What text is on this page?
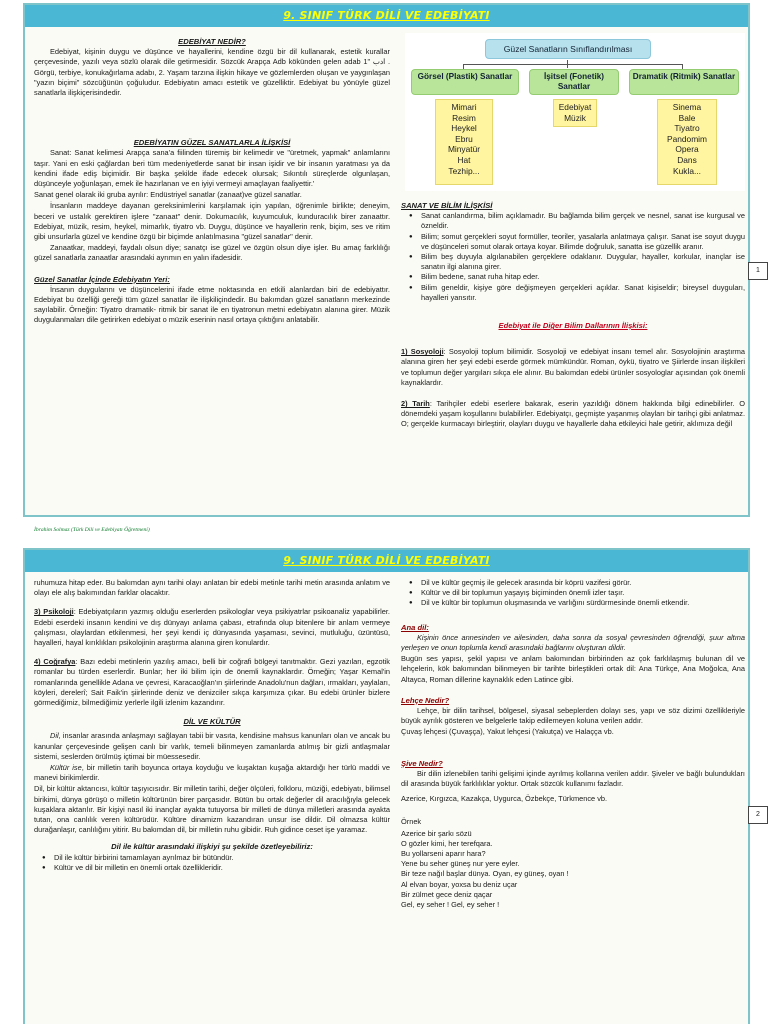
9. SINIF TÜRK DİLİ VE EDEBİYATI
EDEBİYAT NEDİR?

Edebiyat, kişinin duygu ve düşünce ve hayallerini, kendine özgü bir dil kullanarak, estetik kurallar çerçevesinde, yazılı veya sözlü olarak dile getirmesidir. Sözcük Arapça Adb kökünden gelen adab 1" ادب . Görgü, terbiye, konukağırlama adabı, 2. Yaşam tarzına ilişkin hikaye ve gözlemlerden oluşan ve yaygınlaşan "yazın biçimi" sözcüğünün çoğuludur. Edebiyatın amacı estetik ve güzelliktir. Edebiyat bu yönüyle güzel sanatlarla ilişkiçerisindedir.

EDEBİYATIN GÜZEL SANATLARLA İLİŞKİSİ

Sanat: Sanat kelimesi Arapça sana'a fiilinden türemiş bir kelimedir ve "üretmek, yapmak" anlamlarını taşır. Yani en eski çağlardan beri tüm medeniyetlerde sanat bir insan işidir ve bir insanın yaratması ya da kendini ifade ediş biçimidir. Bir başka şekilde ifade edecek olursak; Sıkıntılı süreçlerde olgunlaşan, düşünceyle yoğunlaşan, emek ile hazırlanan ve en iyiyi vermeyi amaçlayan faaliyettir.'

Sanat genel olarak iki gruba ayrılır: Endüstriyel sanatlar (zanaat)ve güzel sanatlar.

İnsanların maddeye dayanan gereksinimlerini karşılamak için yapılan, öğrenimle birlikte; deneyim, beceri ve ustalık gerektiren işlere "zanaat" denir. Dokumacılık, kuyumculuk, kunduracılık birer zanaattır. Edebiyat, müzik, resim, heykel, mimarlık, tiyatro vb. Duygu, düşünce ve hayallerin renk, biçim, ses ve ritim gibi unsurlarla güzel ve kendine özgü bir biçimde anlatılmasına "güzel sanatlar" denir.

Zanaatkar, maddeyi, faydalı olsun diye; sanatçı ise güzel ve özgün olsun diye işler. Bu amaç farklılığı güzel sanatlarla zanaatlar arasındaki ayrımın en yalın ifadesidir.

Güzel Sanatlar İçinde Edebiyatın Yeri:

İnsanın duygularını ve düşüncelerini ifade etme noktasında en etkili alanlardan biri de edebiyattır. Edebiyat bu özelliği gereği tüm güzel sanatlar ile ilişkiliçindedir. Bu bakımdan güzel sanatların merkezinde sayılabilir. Örneğin: Tiyatro dramatik- ritmik bir sanat ile en tiyatronun metni edebiyatın alanına girer. Müzik duygulanmaları dile getirirken edebiyat o müzik eserinin nasıl ortaya çıktığını anlatabilir.

Güzel Sanatların Sınıflandırılması
Görsel (Plastik) Sanatlar	İşitsel (Fonetik) Sanatlar
Dramatik (Ritmik) Sanatlar
Mimari
Resim
Heykel
Ebru
Minyatür
Hat
Tezhip...
Edebiyat
Müzik
Sinema
Bale
Tiyatro
Pandomim
Opera
Dans
Kukla...
SANAT VE BİLİM İLİŞKİSİ
● Sanat canlandırma, bilim açıklamadır. Bu bağlamda bilim gerçek ve nesnel, sanat ise kurgusal ve özneldir.
● Bilim; somut gerçekleri soyut formüller, teoriler, yasalarla anlatmaya çalışır. Sanat ise soyut duygu ve düşünceleri somut olarak ortaya koyar. Bilimde doğruluk, sanatta ise güzellik aranır.
● Bilim beş duyuyla algılanabilen gerçeklere odaklanır. Duygular, hayaller, korkular, inançlar ise sanatın ilgi alanına girer.
● Bilim bedene, sanat ruha hitap eder.
● Bilim geneldir, kişiye göre değişmeyen gerçekleri açıklar. Sanat kişiseldir; bireysel duyguları, hayalleri yansıtır.
Edebiyat ile Diğer Bilim Dallarının İlişkisi:

1) Sosyoloji: Sosyoloji toplum bilimidir. Sosyoloji ve edebiyat insanı temel alır. Sosyolojinin araştırma alanına giren her şeyi edebi eserde görmek mümkündür. Roman, öykü, tiyatro ve Şiirlerde insan ilişkileri ve toplumun değer yargıları sıkça ele alınır. Bu bakımdan edebi ürünler sosyologlar açısından çok önemli kaynaklardır.

2) Tarih: Tarihçiler edebi eserlere bakarak, eserin yazıldığı dönem hakkında bilgi edinebilirler. O dönemdeki yaşam koşullarını bulabilirler. Edebiyatçı, geçmişte yaşanmış olayları bir tarihçi gibi anlatmaz. O; gerçekle kurmacayı birleştirir, olayları duygu ve hayallerle daha etkileyici hale getirir, aklımıza değil

1
İbrahim Solmaz (Türk Dili ve Edebiyatı Öğretmeni)
9. SINIF TÜRK DİLİ VE EDEBİYATI

ruhumuza hitap eder. Bu bakımdan aynı tarihi olayı anlatan bir edebi metinle tarihi metin arasında anlatım ve olayı ele alış bakımından farklar olacaktır.

3) Psikoloji: Edebiyatçıların yazmış olduğu eserlerden psikologlar veya psikiyatrlar psikoanaliz yapabilirler. Edebi eserdeki insanın kendini ve dış dünyayı anlama çabası, etrafında olup bitenlere bir anlam vermeye çalışması, olaylardan etkilenmesi, her şeyi kendi iç dünyasında yaşaması, sevinci, mutluluğu, üzüntüsü, hayalleri, hayal kırıklıkları psikolojinin araştırma alanına giren konulardır.

4) Coğrafya: Bazı edebi metinlerin yazılış amacı, belli bir coğrafi bölgeyi tanıtmaktır. Gezi yazıları, egzotik romanlar bu türden eserlerdir. Bunlar; her iki bilim için de önemli kaynaklardır. Örneğin; Yaşar Kemal'in romanlarında genellikle Adana ve çevresi, Karacaoğlan'ın şiirlerinde Anadolu'nun dağları, ırmakları, yaylaları, köyleri, derelerî; Sait Faik'in şiirlerinde deniz ve denizciler sıkça karşımıza çıkar. Bu edebi ürünler bizlere görmediğimiz, bilmediğimiz yerlerle ilgili izlenim kazandırır.

DİL VE KÜLTÜR

Dil, insanlar arasında anlaşmayı sağlayan tabii bir vasıta, kendisine mahsus kanunları olan ve ancak bu kanunlar çerçevesinde gelişen canlı bir varlık, temeli bilinmeyen zamanlarda atılmış bir gizli antlaşmalar sistemi, seslerden örülmüş içtimai bir müessesedir.

Kültür ise, bir milletin tarih boyunca ortaya koyduğu ve kuşaktan kuşağa aktardığı her türlü maddi ve manevi birikimlerdir.

Dil, bir kültür aktarıcısı, kültür taşıyıcısıdır. Bir milletin tarihi, değer ölçüleri, folkloru, müziği, edebiyatı, bilimsel birikimi, dünya görüşü o milletin kültürünün birer parçasıdır. Bütün bu ortak değerler dil aracılığıyla gelecek kuşaklara aktarılır. Bir kişiyi nasıl iki inançlar ayakta tutuyorsa bir milleti de dünya milletleri arasında ayakta tutan, ona canlılık veren kültürüdür. Kültüre dinamizm kazandıran unsur ise dildir. Dil olmazsa kültür durağanlaşır, canlılığını yitirir. Bu bakımdan dil, bir milletin ruhu gibidir. Ruh gidince ceset işe yaramaz.

Dil ile kültür arasındaki ilişkiyi şu şekilde özetleyebiliriz:
● Dil ile kültür birbirini tamamlayan ayrılmaz bir bütündür.
● Kültür ve dil bir milletin en önemli ortak özellikleridir.
● Dil ve kültür geçmiş ile gelecek arasında bir köprü vazifesi görür.
● Kültür ve dil bir toplumun yaşayış biçiminden önemli izler taşır.
● Dil ve kültür bir toplumun oluşmasında ve varlığını sürdürmesinde önemli etkendir.
Ana dil:

Kişinin önce annesinden ve ailesinden, daha sonra da sosyal çevresinden öğrendiği, şuur altına yerleşen ve onun toplumla kendi arasındaki bağlarını oluşturan dildir.

Bugün ses yapısı, şekil yapısı ve anlam bakımından birbirinden az çok farklılaşmış bulunan dil ve lehçelerin, kök bakımından bilinmeyen bir tarihte birleştikleri ortak dil: Ana Türkçe, Ana Moğolca, Ana Altayca, Roman dillerine kaynaklık eden Latince gibi.

Lehçe Nedir?

Lehçe, bir dilin tarihsel, bölgesel, siyasal sebeplerden dolayı ses, yapı ve söz dizimi özellikleriyle büyük ayrılık gösteren ve belgelerle takip edilemeyen koluna verilen addır.

Çuvaş lehçesi (Çuvaşça), Yakut lehçesi (Yakutça) ve Halaçça vb.

Şive Nedir?

Bir dilin izlenebilen tarihi gelişimi içinde ayrılmış kollarına verilen addır. Şiveler ve bağlı bulundukları dil arasında büyük farklılıklar yoktur. Ortak sözcük kullanımı fazladır.

Azerice, Kırgızca, Kazakça, Uygurca, Özbekçe, Türkmence vb.

Örnek

Azerice bir şarkı sözü
O gözler kimi, her terefqara.
Bu yollarseni aparır hara?
Yene bu seher güneş nur yere eyler.
Bir teze nağıl başlar dünya. Oyan, ey güneş, oyan !
Al elvan boyar, yoxsa bu deniz uçar
Bir zülmet gece deniz qaçar
Gel, ey seher ! Gel, ey seher !
2
